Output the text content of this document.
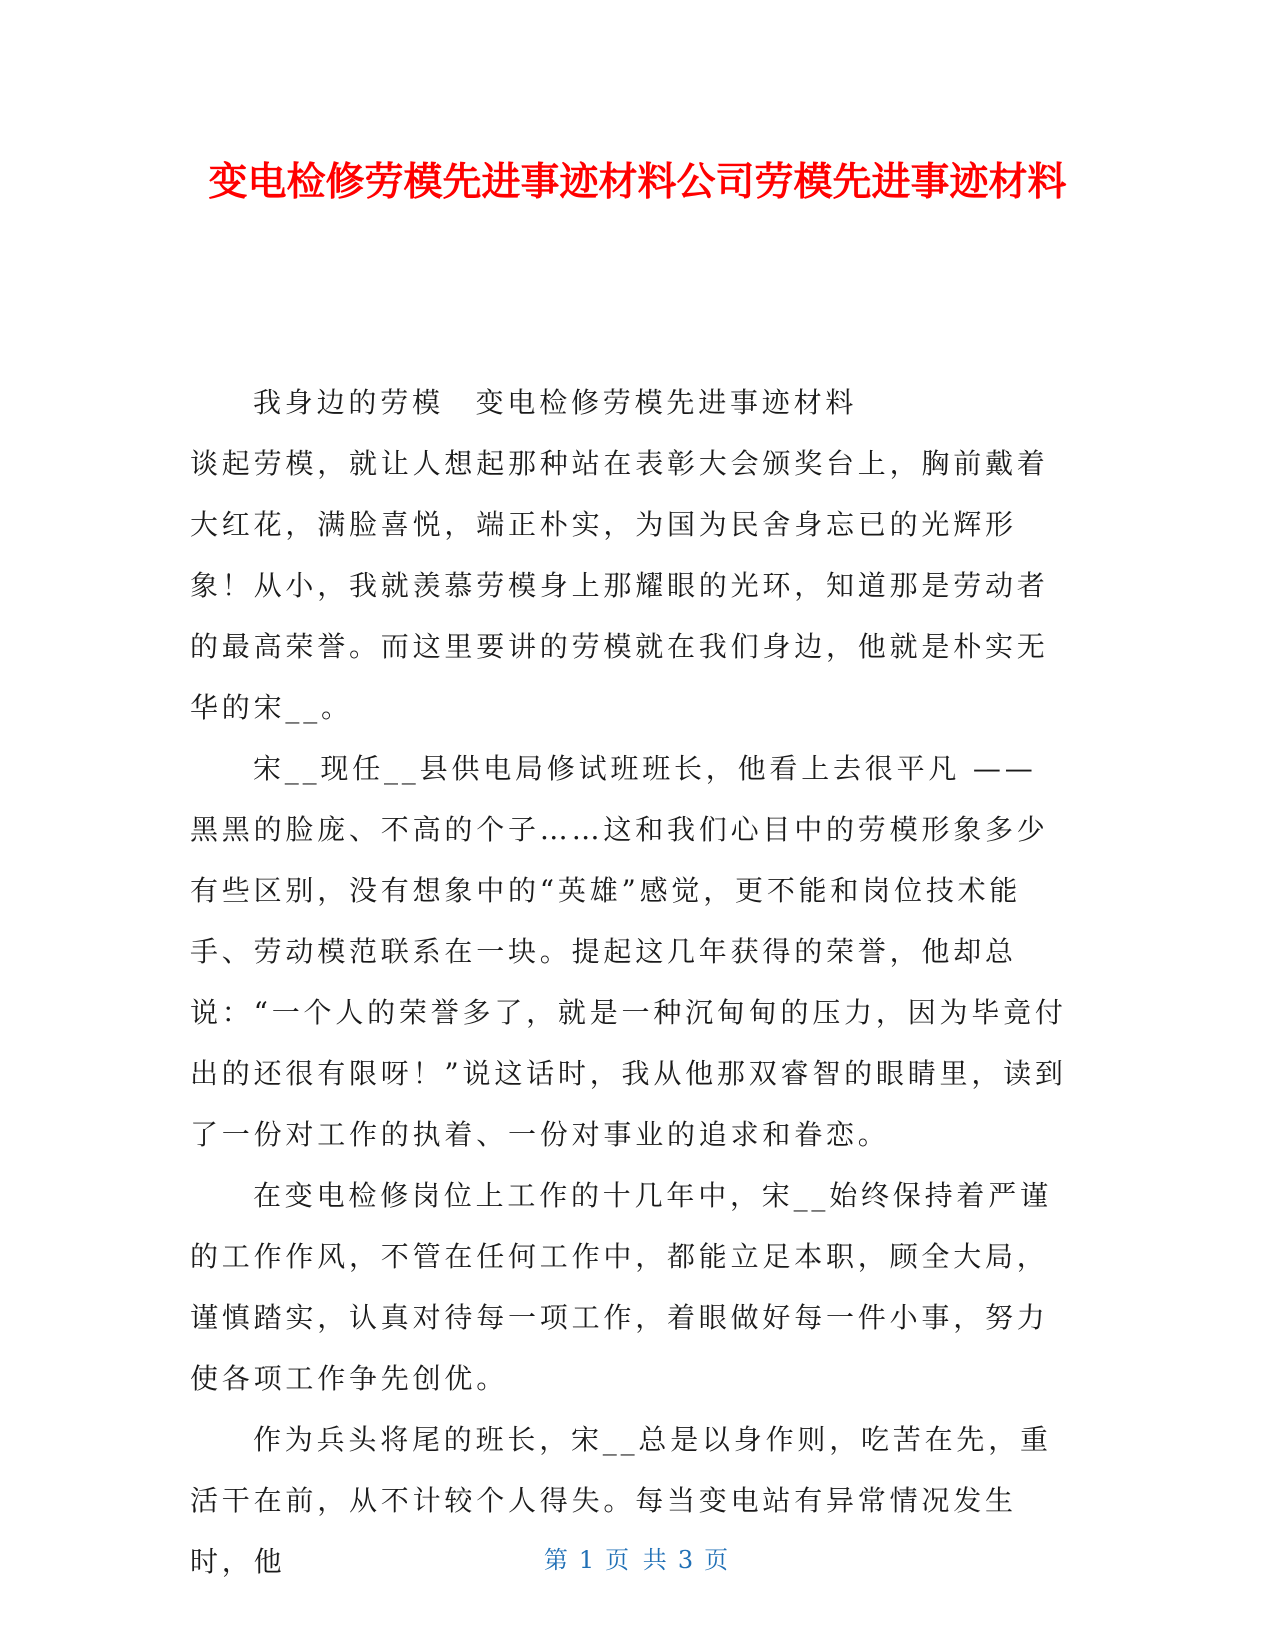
变电检修劳模先进事迹材料公司劳模先进事迹材料

我身边的劳模　变电检修劳模先进事迹材料

谈起劳模，就让人想起那种站在表彰大会颁奖台上，胸前戴着大红花，满脸喜悦，端正朴实，为国为民舍身忘已的光辉形象！从小，我就羡慕劳模身上那耀眼的光环，知道那是劳动者的最高荣誉。而这里要讲的劳模就在我们身边，他就是朴实无华的宋__。

宋__现任__县供电局修试班班长，他看上去很平凡 ——

黑黑的脸庞、不高的个子……这和我们心目中的劳模形象多少有些区别，没有想象中的“英雄”感觉，更不能和岗位技术能手、劳动模范联系在一块。提起这几年获得的荣誉，他却总说：“一个人的荣誉多了，就是一种沉甸甸的压力，因为毕竟付出的还很有限呀！”说这话时，我从他那双睿智的眼睛里，读到了一份对工作的执着、一份对事业的追求和眷恋。

在变电检修岗位上工作的十几年中，宋__始终保持着严谨的工作作风，不管在任何工作中，都能立足本职，顾全大局，谨慎踏实，认真对待每一项工作，着眼做好每一件小事，努力使各项工作争先创优。

作为兵头将尾的班长，宋__总是以身作则，吃苦在先，重活干在前，从不计较个人得失。每当变电站有异常情况发生时，他	第 1 页 共 3 页
